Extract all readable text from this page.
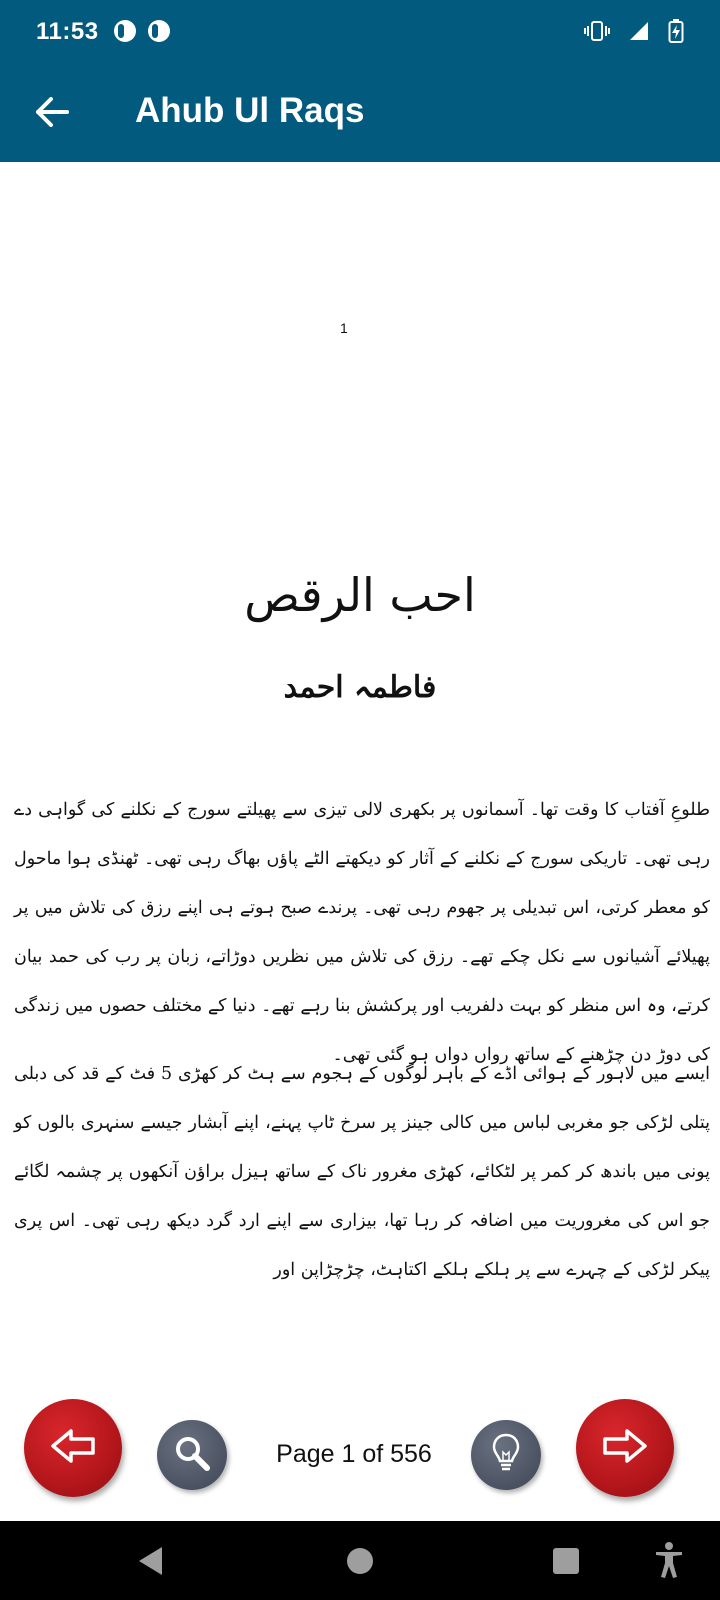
11:53
Ahub Ul Raqs
1
احب الرقص
فاطمہ احمد

طلوعِ آفتاب کا وقت تھا۔ آسمانوں پر بکھری لالی تیزی سے پھیلتے سورج کے نکلنے کی گواہی دے رہی تھی۔ تاریکی سورج کے نکلنے کے آثار کو دیکھتے الٹے پاؤں بھاگ رہی تھی۔ ٹھنڈی ہوا ماحول کو معطر کرتی، اس تبدیلی پر جھوم رہی تھی۔ پرندے صبح ہوتے ہی اپنے رزق کی تلاش میں پر پھیلائے آشیانوں سے نکل چکے تھے۔ رزق کی تلاش میں نظریں دوڑاتے، زبان پر رب کی حمد بیان کرتے، وہ اس منظر کو بہت دلفریب اور پرکشش بنا رہے تھے۔ دنیا کے مختلف حصوں میں زندگی کی دوڑ دن چڑھنے کے ساتھ رواں دواں ہو گئی تھی۔

ایسے میں لاہور کے ہوائی اڈے کے باہر لوگوں کے ہجوم سے ہٹ کر کھڑی 5 فٹ کے قد کی دبلی پتلی لڑکی جو مغربی لباس میں کالی جینز پر سرخ ٹاپ پہنے، اپنے آبشار جیسے سنہری بالوں کو پونی میں باندھ کر کمر پر لٹکائے، کھڑی مغرور ناک کے ساتھ ہیزل براؤن آنکھوں پر چشمہ لگائے جو اس کی مغروریت میں اضافہ کر رہا تھا، بیزاری سے اپنے ارد گرد دیکھ رہی تھی۔ اس پری پیکر لڑکی کے چہرے سے پر ہلکے ہلکے اکتاہٹ، چڑچڑاپن اور

Page 1 of 556
